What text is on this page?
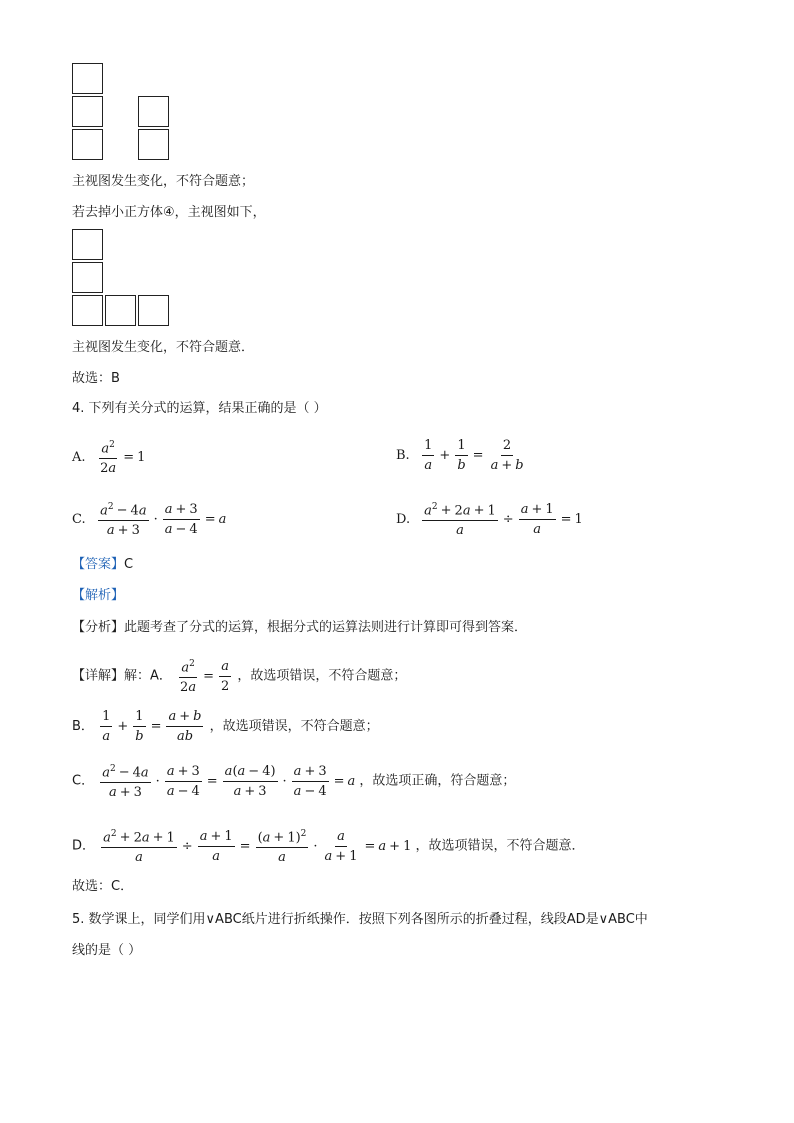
主视图发生变化，不符合题意；
若去掉小正方体④，主视图如下，
主视图发生变化，不符合题意．
故选：B
4. 下列有关分式的运算，结果正确的是（ ）
A. $\frac{a^2}{2a} = 1$	B. $\frac{1}{a} + \frac{1}{b} = \frac{2}{a + b}$
C. $\frac{a^2 - 4a}{a + 3} \cdot \frac{a + 3}{a - 4} = a$	D. $\frac{a^2 + 2a + 1}{a} \div \frac{a + 1}{a} = 1$
【答案】C
【解析】
【分析】此题考查了分式的运算，根据分式的运算法则进行计算即可得到答案．
【详解】解：A． $\frac{a^2}{2a} = \frac{a}{2}$ ，故选项错误，不符合题意；
B． $\frac{1}{a} + \frac{1}{b} = \frac{a + b}{ab}$ ，故选项错误，不符合题意；
C． $\frac{a^2 - 4a}{a + 3} \cdot \frac{a + 3}{a - 4} = \frac{a(a - 4)}{a + 3} \cdot \frac{a + 3}{a - 4} = a$ ，故选项正确，符合题意；
D． $\frac{a^2 + 2a + 1}{a} \div \frac{a + 1}{a} = \frac{(a + 1)^2}{a} \cdot \frac{a}{a + 1} = a + 1$ ，故选项错误，不符合题意．
故选：C．
5. 数学课上，同学们用∨ABC纸片进行折纸操作．按照下列各图所示的折叠过程，线段AD是∨ABC中
线的是（ ）
